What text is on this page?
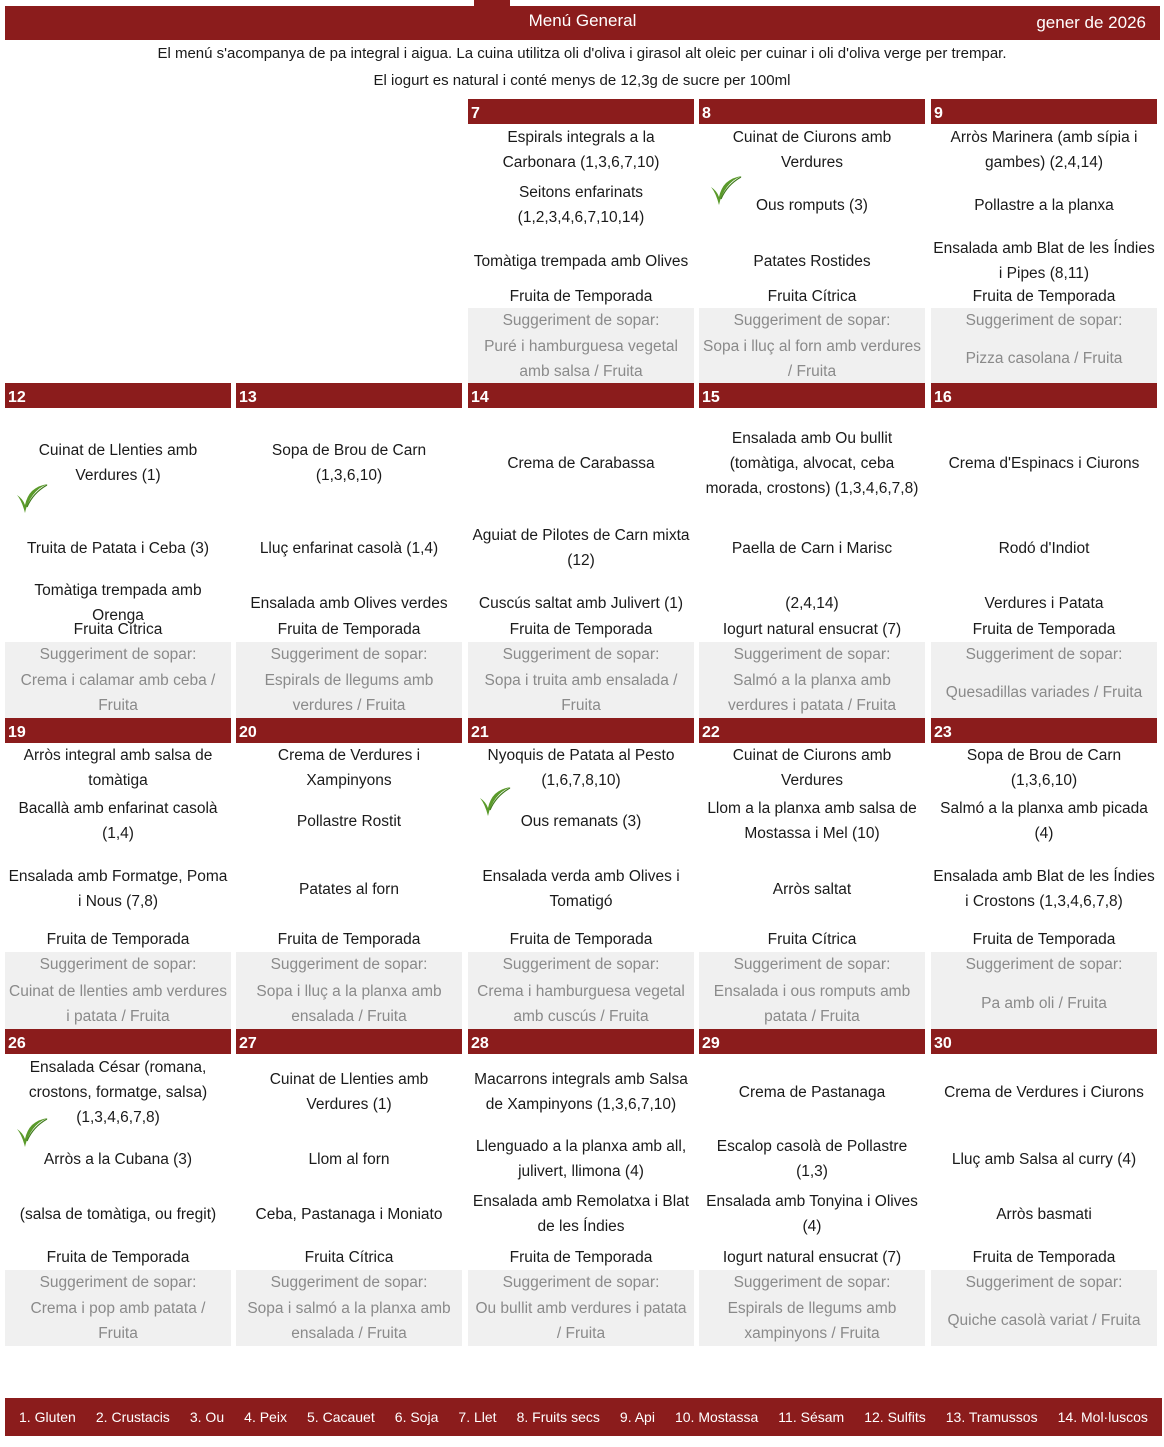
Menú General	gener de 2026
El menú s'acompanya de pa integral i aigua. La cuina utilitza oli d'oliva i girasol alt oleic per cuinar i oli d'oliva verge per trempar.
El iogurt es natural i conté menys de 12,3g de sucre per 100ml
7
Espirals integrals a la Carbonara (1,3,6,7,10)
Seitons enfarinats (1,2,3,4,6,7,10,14)
Tomàtiga trempada amb Olives
Fruita de Temporada
Suggeriment de sopar:
Puré i hamburguesa vegetal amb salsa / Fruita
8
Cuinat de Ciurons amb Verdures
Ous romputs (3)
Patates Rostides
Fruita Cítrica
Suggeriment de sopar:
Sopa i lluç al forn amb verdures / Fruita
9
Arròs Marinera (amb sípia i gambes) (2,4,14)
Pollastre a la planxa
Ensalada amb Blat de les Índies i Pipes (8,11)
Fruita de Temporada
Suggeriment de sopar:
Pizza casolana / Fruita
12
Cuinat de Llenties amb Verdures (1)
Truita de Patata i Ceba (3)
Tomàtiga trempada amb Orenga
Fruita Cítrica
Suggeriment de sopar:
Crema i calamar amb ceba / Fruita
13
Sopa de Brou de Carn (1,3,6,10)
Lluç enfarinat casolà (1,4)
Ensalada amb Olives verdes
Fruita de Temporada
Suggeriment de sopar:
Espirals de llegums amb verdures / Fruita
14
Crema de Carabassa
Aguiat de Pilotes de Carn mixta (12)
Cuscús saltat amb Julivert (1)
Fruita de Temporada
Suggeriment de sopar:
Sopa i truita amb ensalada / Fruita
15
Ensalada amb Ou bullit (tomàtiga, alvocat, ceba morada, crostons) (1,3,4,6,7,8)
Paella de Carn i Marisc
(2,4,14)
Iogurt natural ensucrat (7)
Suggeriment de sopar:
Salmó a la planxa amb verdures i patata / Fruita
16
Crema d'Espinacs i Ciurons
Rodó d'Indiot
Verdures i Patata
Fruita de Temporada
Suggeriment de sopar:
Quesadillas variades / Fruita
19
Arròs integral amb salsa de tomàtiga
Bacallà amb enfarinat casolà (1,4)
Ensalada amb Formatge, Poma i Nous (7,8)
Fruita de Temporada
Suggeriment de sopar:
Cuinat de llenties amb verdures i patata / Fruita
20
Crema de Verdures i Xampinyons
Pollastre Rostit
Patates al forn
Fruita de Temporada
Suggeriment de sopar:
Sopa i lluç a la planxa amb ensalada / Fruita
21
Nyoquis de Patata al Pesto (1,6,7,8,10)
Ous remanats (3)
Ensalada verda amb Olives i Tomatigó
Fruita de Temporada
Suggeriment de sopar:
Crema i hamburguesa vegetal amb cuscús / Fruita
22
Cuinat de Ciurons amb Verdures
Llom a la planxa amb salsa de Mostassa i Mel (10)
Arròs saltat
Fruita Cítrica
Suggeriment de sopar:
Ensalada i ous romputs amb patata / Fruita
23
Sopa de Brou de Carn (1,3,6,10)
Salmó a la planxa amb picada (4)
Ensalada amb Blat de les Índies i Crostons (1,3,4,6,7,8)
Fruita de Temporada
Suggeriment de sopar:
Pa amb oli / Fruita
26
Ensalada César (romana, crostons, formatge, salsa) (1,3,4,6,7,8)
Arròs a la Cubana (3)
(salsa de tomàtiga, ou fregit)
Fruita de Temporada
Suggeriment de sopar:
Crema i pop amb patata / Fruita
27
Cuinat de Llenties amb Verdures (1)
Llom al forn
Ceba, Pastanaga i Moniato
Fruita Cítrica
Suggeriment de sopar:
Sopa i salmó a la planxa amb ensalada / Fruita
28
Macarrons integrals amb Salsa de Xampinyons (1,3,6,7,10)
Llenguado a la planxa amb all, julivert, llimona (4)
Ensalada amb Remolatxa i Blat de les Índies
Fruita de Temporada
Suggeriment de sopar:
Ou bullit amb verdures i patata / Fruita
29
Crema de Pastanaga
Escalop casolà de Pollastre (1,3)
Ensalada amb Tonyina i Olives (4)
Iogurt natural ensucrat (7)
Suggeriment de sopar:
Espirals de llegums amb xampinyons / Fruita
30
Crema de Verdures i Ciurons
Lluç amb Salsa al curry (4)
Arròs basmati
Fruita de Temporada
Suggeriment de sopar:
Quiche casolà variat / Fruita
1. Gluten 2. Crustacis 3. Ou 4. Peix 5. Cacauet 6. Soja 7. Llet 8. Fruits secs 9. Api 10. Mostassa 11. Sésam 12. Sulfits 13. Tramussos 14. Mol·luscos
